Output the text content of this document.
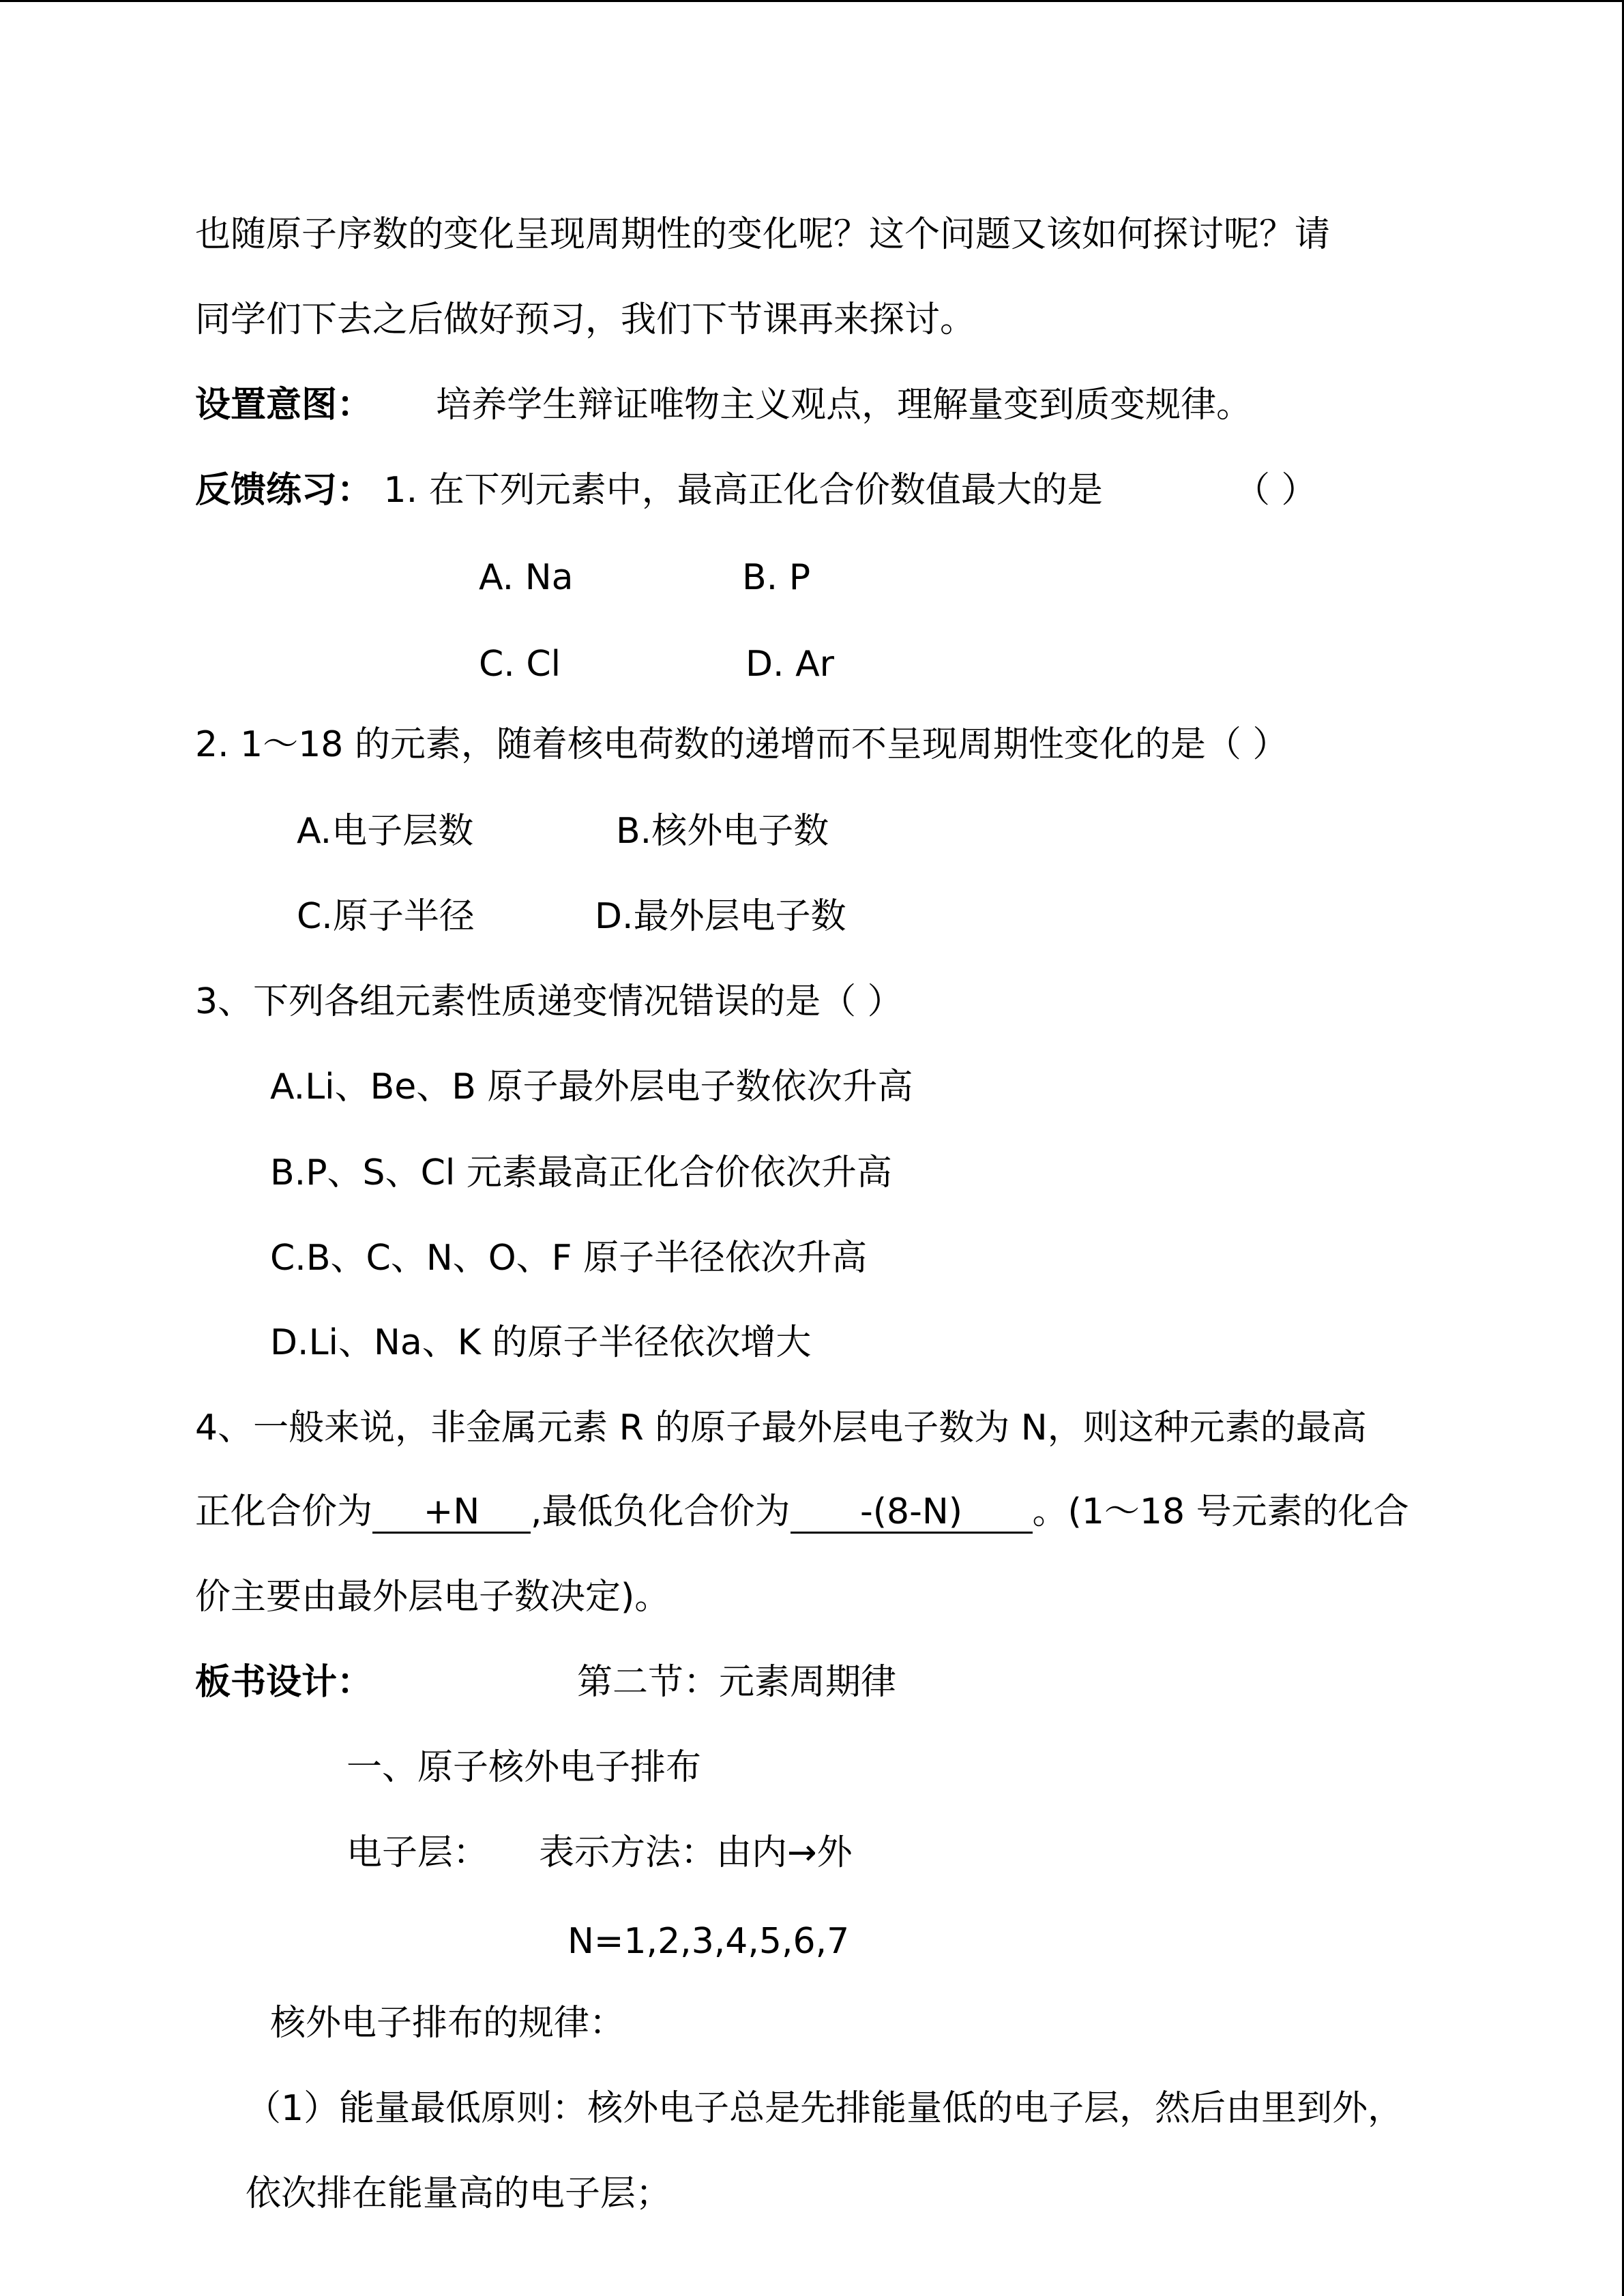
也随原子序数的变化呈现周期性的变化呢？这个问题又该如何探讨呢？请
同学们下去之后做好预习，我们下节课再来探讨。
设置意图： 培养学生辩证唯物主义观点，理解量变到质变规律。
反馈练习： 1. 在下列元素中，最高正化合价数值最大的是	（ ）
A. Na	B. P
C. Cl	D. Ar
2. 1～18 的元素，随着核电荷数的递增而不呈现周期性变化的是（ ）
A.电子层数	B.核外电子数
C.原子半径	D.最外层电子数
3、下列各组元素性质递变情况错误的是（ ）
A.Li、Be、B 原子最外层电子数依次升高
B.P、S、Cl 元素最高正化合价依次升高
C.B、C、N、O、F 原子半径依次升高
D.Li、Na、K 的原子半径依次增大
4、一般来说，非金属元素 R 的原子最外层电子数为 N，则这种元素的最高
正化合价为 +N ,最低负化合价为 -(8-N) 。(1～18 号元素的化合
价主要由最外层电子数决定)。
板书设计：	第二节：元素周期律
一、原子核外电子排布
电子层： 表示方法：由内→外
N=1,2,3,4,5,6,7
核外电子排布的规律：
（1）能量最低原则：核外电子总是先排能量低的电子层，然后由里到外，
依次排在能量高的电子层；
